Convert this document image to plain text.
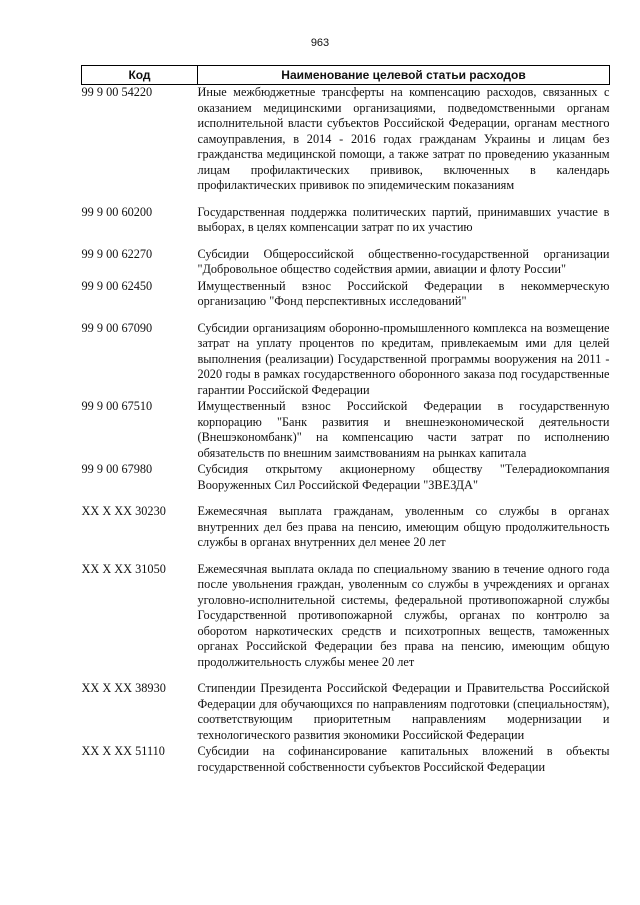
963
Код	Наименование целевой статьи расходов
99 9 00 54220	Иные межбюджетные трансферты на компенсацию расходов, связанных с оказанием медицинскими организациями, подведомственными органам исполнительной власти субъектов Российской Федерации, органам местного самоуправления, в 2014 - 2016 годах гражданам Украины и лицам без гражданства медицинской помощи, а также затрат по проведению указанным лицам профилактических прививок, включенных в календарь профилактических прививок по эпидемическим показаниям
99 9 00 60200	Государственная поддержка политических партий, принимавших участие в выборах, в целях компенсации затрат по их участию
99 9 00 62270	Субсидии Общероссийской общественно-государственной организации "Добровольное общество содействия армии, авиации и флоту России"
99 9 00 62450	Имущественный взнос Российской Федерации в некоммерческую организацию "Фонд перспективных исследований"
99 9 00 67090	Субсидии организациям оборонно-промышленного комплекса на возмещение затрат на уплату процентов по кредитам, привлекаемым ими для целей выполнения (реализации) Государственной программы вооружения на 2011 - 2020 годы в рамках государственного оборонного заказа под государственные гарантии Российской Федерации
99 9 00 67510	Имущественный взнос Российской Федерации в государственную корпорацию "Банк развития и внешнеэкономической деятельности (Внешэкономбанк)" на компенсацию части затрат по исполнению обязательств по внешним заимствованиям на рынках капитала
99 9 00 67980	Субсидия открытому акционерному обществу "Телерадиокомпания Вооруженных Сил Российской Федерации "ЗВЕЗДА"
XX X XX 30230	Ежемесячная выплата гражданам, уволенным со службы в органах внутренних дел без права на пенсию, имеющим общую продолжительность службы в органах внутренних дел менее 20 лет
XX X XX 31050	Ежемесячная выплата оклада по специальному званию в течение одного года после увольнения граждан, уволенным со службы в учреждениях и органах уголовно-исполнительной системы, федеральной противопожарной службы Государственной противопожарной службы, органах по контролю за оборотом наркотических средств и психотропных веществ, таможенных органах Российской Федерации без права на пенсию, имеющим общую продолжительность службы менее 20 лет
XX X XX 38930	Стипендии Президента Российской Федерации и Правительства Российской Федерации для обучающихся по направлениям подготовки (специальностям), соответствующим приоритетным направлениям модернизации и технологического развития экономики Российской Федерации
XX X XX 51110	Субсидии на софинансирование капитальных вложений в объекты государственной собственности субъектов Российской Федерации
